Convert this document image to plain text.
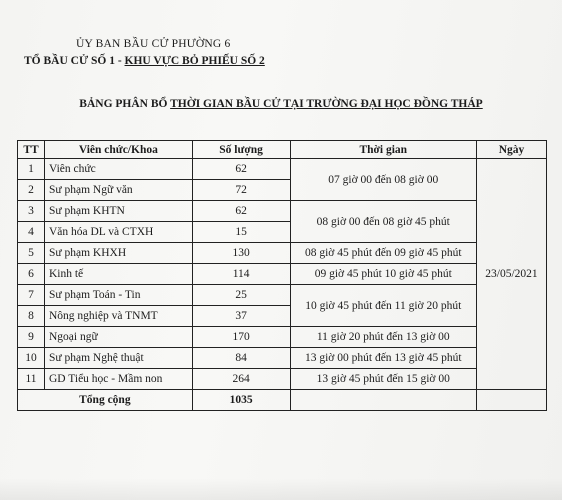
ỦY BAN BẦU CỬ PHƯỜNG 6
TỔ BẦU CỬ SỐ 1 - KHU VỰC BỎ PHIẾU SỐ 2
BẢNG PHÂN BỔ THỜI GIAN BẦU CỬ TẠI TRƯỜNG ĐẠI HỌC ĐỒNG THÁP
TT	Viên chức/Khoa	Số lượng	Thời gian	Ngày
1	Viên chức	62	07 giờ 00 đến 08 giờ 00	23/05/2021
2	Sư phạm Ngữ văn	72		
3	Sư phạm KHTN	62	08 giờ 00 đến 08 giờ 45 phút	
4	Văn hóa DL và CTXH	15		
5	Sư phạm KHXH	130	08 giờ 45 phút đến 09 giờ 45 phút	
6	Kinh tế	114	09 giờ 45 phút 10 giờ 45 phút	
7	Sư phạm Toán - Tin	25	10 giờ 45 phút đến 11 giờ 20 phút	
8	Nông nghiệp và TNMT	37		
9	Ngoại ngữ	170	11 giờ 20 phút đến 13 giờ 00	
10	Sư phạm Nghệ thuật	84	13 giờ 00 phút đến 13 giờ 45 phút	
11	GD Tiểu học - Mầm non	264	13 giờ 45 phút đến 15 giờ 00	
Tổng cộng		1035		
